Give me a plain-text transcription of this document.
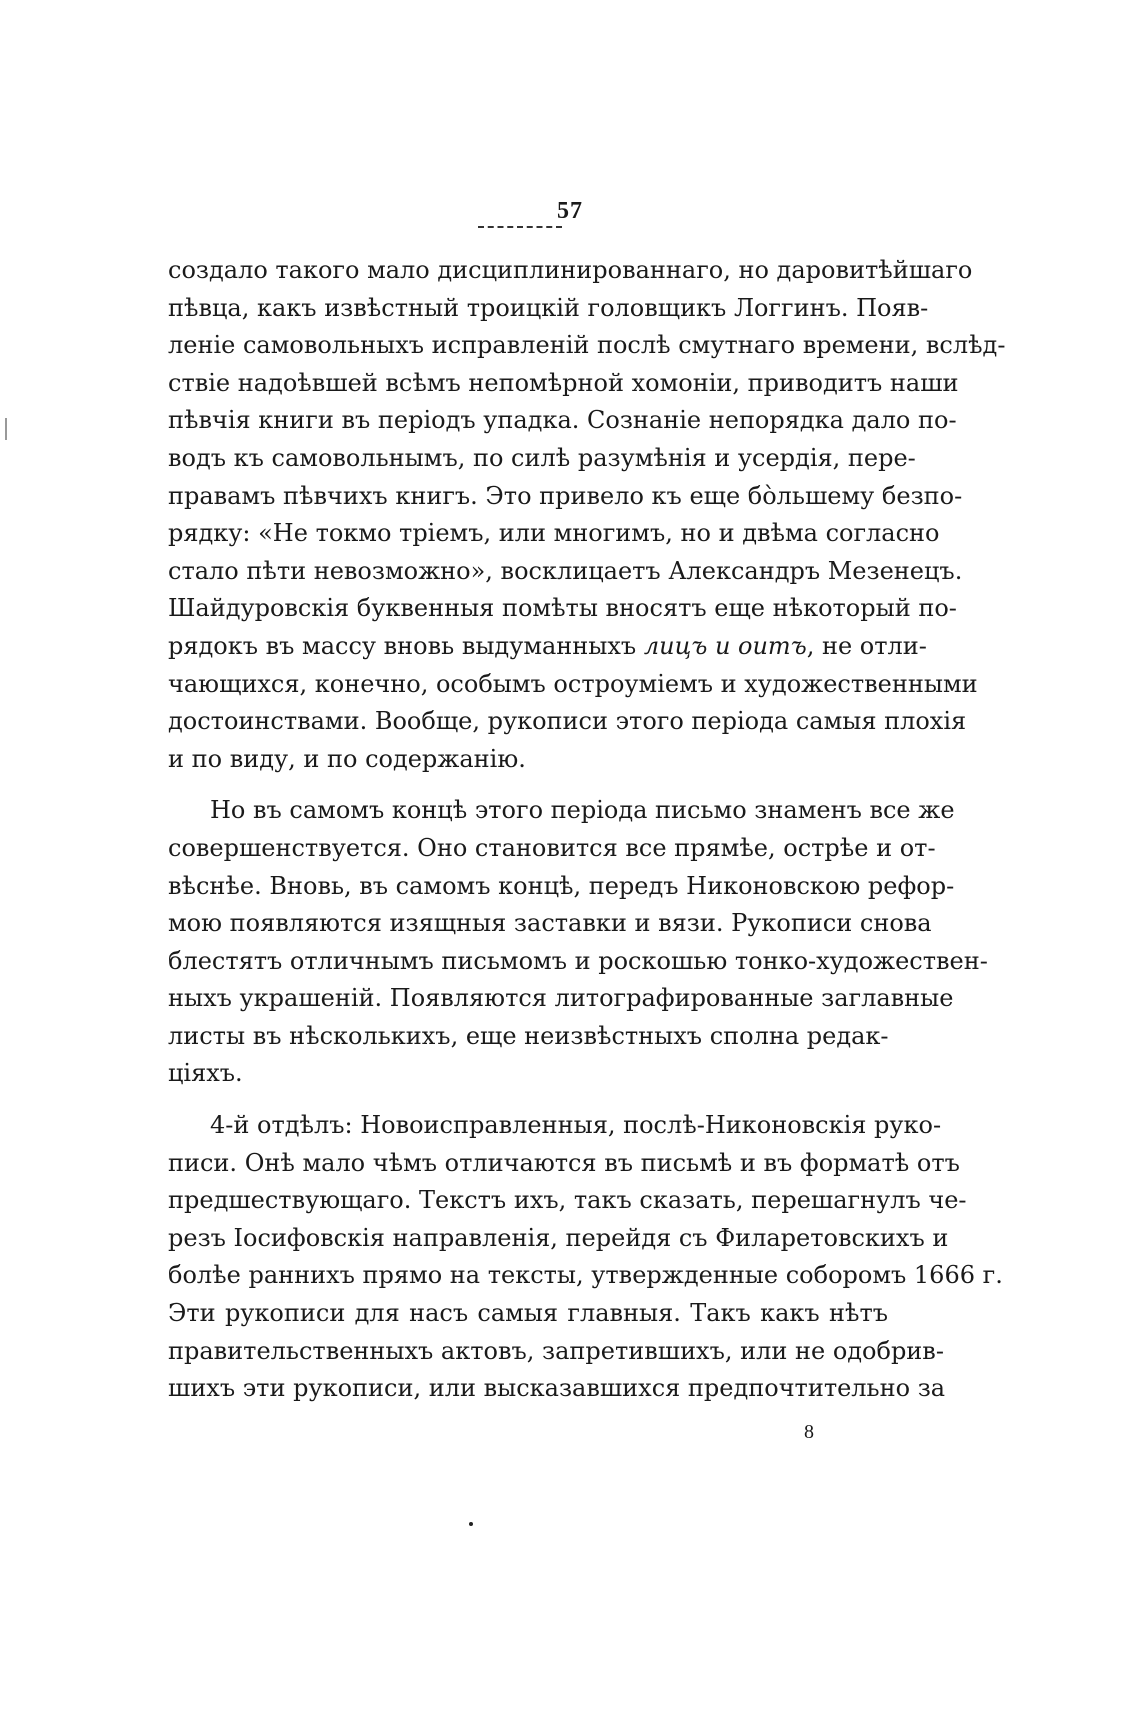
57
создало такого мало дисциплинированнаго, но даровитѣйшаго
пѣвца, какъ извѣстный троицкій головщикъ Логгинъ. Появ-
леніе самовольныхъ исправленій послѣ смутнаго времени, вслѣд-
ствіе надоѣвшей всѣмъ непомѣрной хомоніи, приводитъ наши
пѣвчія книги въ періодъ упадка. Сознаніе непорядка дало по-
водъ къ самовольнымъ, по силѣ разумѣнія и усердія, пере-
правамъ пѣвчихъ книгъ. Это привело къ еще бо̀льшему безпо-
рядку: «Не токмо тріемъ, или многимъ, но и двѣма согласно
стало пѣти невозможно», восклицаетъ Александръ Мезенецъ.
Шайдуровскія буквенныя помѣты вносятъ еще нѣкоторый по-
рядокъ въ массу вновь выдуманныхъ лицъ и оитъ, не отли-
чающихся, конечно, особымъ остроуміемъ и художественными
достоинствами. Вообще, рукописи этого періода самыя плохія
и по виду, и по содержанію.
Но въ самомъ концѣ этого періода письмо знаменъ все же
совершенствуется. Оно становится все прямѣе, острѣе и от-
вѣснѣе. Вновь, въ самомъ концѣ, передъ Никоновскою рефор-
мою появляются изящныя заставки и вязи. Рукописи снова
блестятъ отличнымъ письмомъ и роскошью тонко-художествен-
ныхъ украшеній. Появляются литографированные заглавные
листы въ нѣсколькихъ, еще неизвѣстныхъ сполна редак-
ціяхъ.
4-й отдѣлъ: Новоисправленныя, послѣ-Никоновскія руко-
писи. Онѣ мало чѣмъ отличаются въ письмѣ и въ форматѣ отъ
предшествующаго. Текстъ ихъ, такъ сказать, перешагнулъ че-
резъ Іосифовскія направленія, перейдя съ Филаретовскихъ и
болѣе раннихъ прямо на тексты, утвержденные соборомъ 1666 г.
Эти рукописи для насъ самыя главныя. Такъ какъ нѣтъ
правительственныхъ актовъ, запретившихъ, или не одобрив-
шихъ эти рукописи, или высказавшихся предпочтительно за
8
